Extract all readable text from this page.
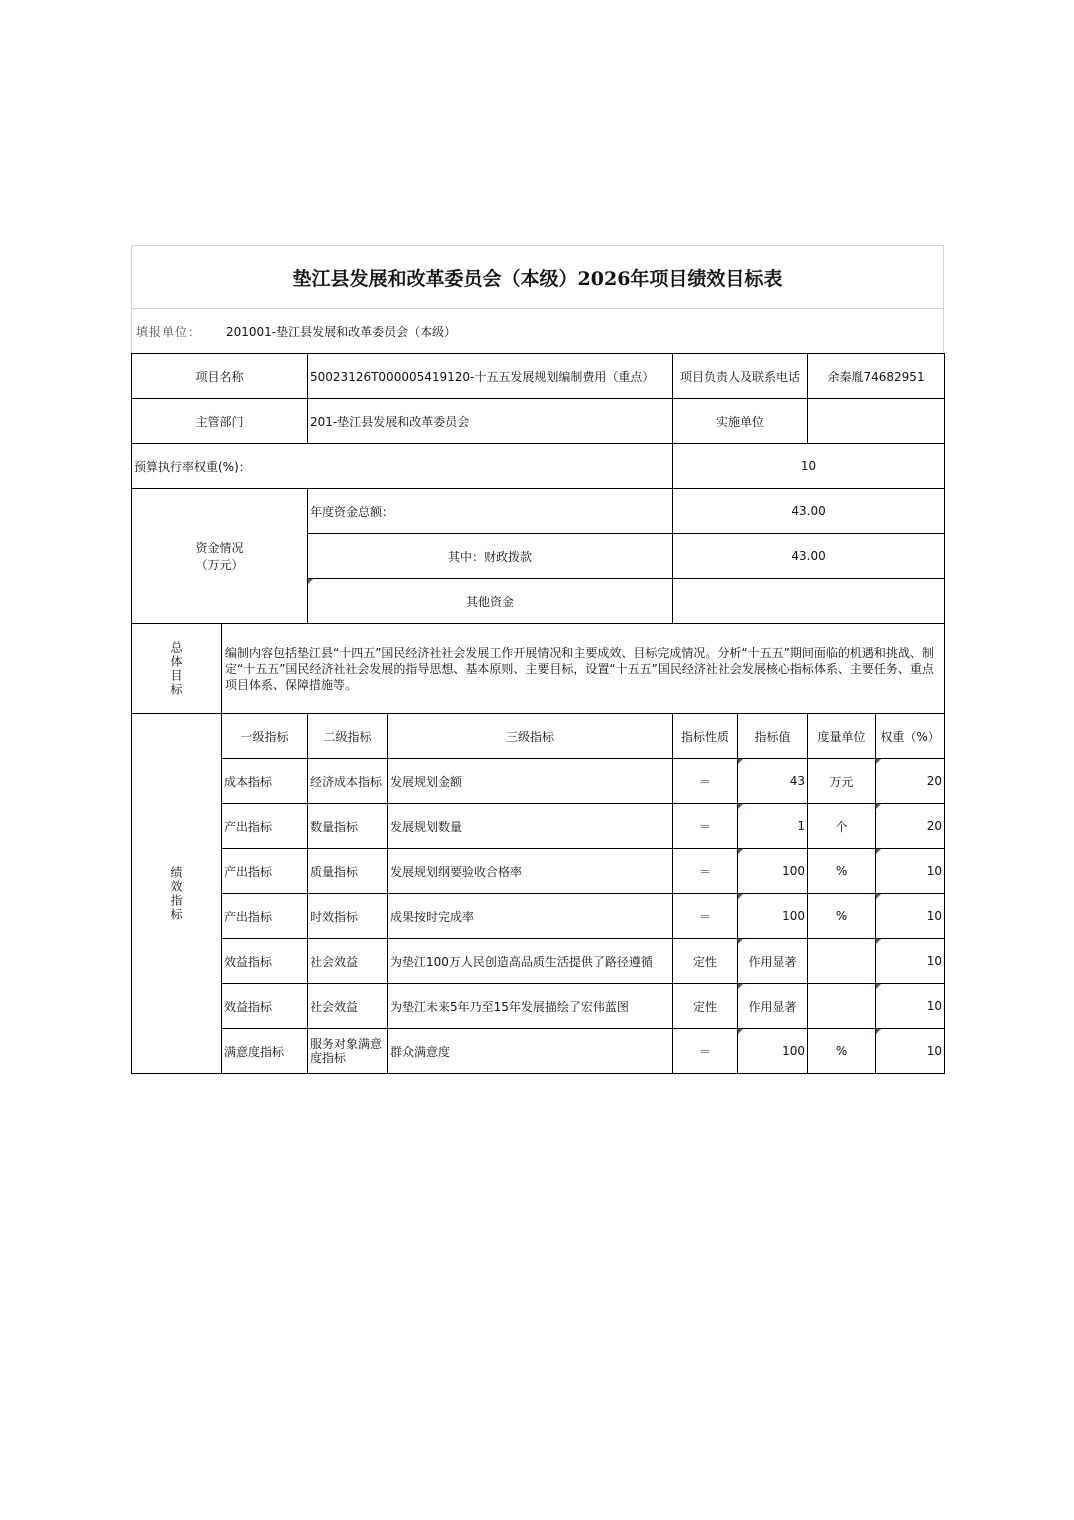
垫江县发展和改革委员会（本级）2026年项目绩效目标表
填报单位：	201001-垫江县发展和改革委员会（本级）
项目名称		50023126T000005419120-十五五发展规划编制费用（重点）		项目负责人及联系电话		余秦胤74682951	
主管部门		201-垫江县发展和改革委员会		实施单位			
预算执行率权重(%)：				10			
资金情况
（万元）		年度资金总额：		43.00			
		其中：财政拨款		43.00			
		其他资金					

总体目标	编制内容包括垫江县“十四五”国民经济社社会发展工作开展情况和主要成效、目标完成情况。分析“十五五”期间面临的机遇和挑战、制定“十五五”国民经济社社会发展的指导思想、基本原则、主要目标，设置“十五五”国民经济社社会发展核心指标体系、主要任务、重点项目体系、保障措施等。						

绩效指标	一级指标	二级指标	三级指标	指标性质	指标值	度量单位	权重（%）
	成本指标	经济成本指标	发展规划金额	＝	43	万元	20
	产出指标	数量指标	发展规划数量	＝	1	个	20
	产出指标	质量指标	发展规划纲要验收合格率	＝	100	%	10
	产出指标	时效指标	成果按时完成率	＝	100	%	10
	效益指标	社会效益	为垫江100万人民创造高品质生活提供了路径遵循	定性	作用显著		10
	效益指标	社会效益	为垫江未来5年乃至15年发展描绘了宏伟蓝图	定性	作用显著		10
	满意度指标	服务对象满意度指标	群众满意度	＝	100	%	10
